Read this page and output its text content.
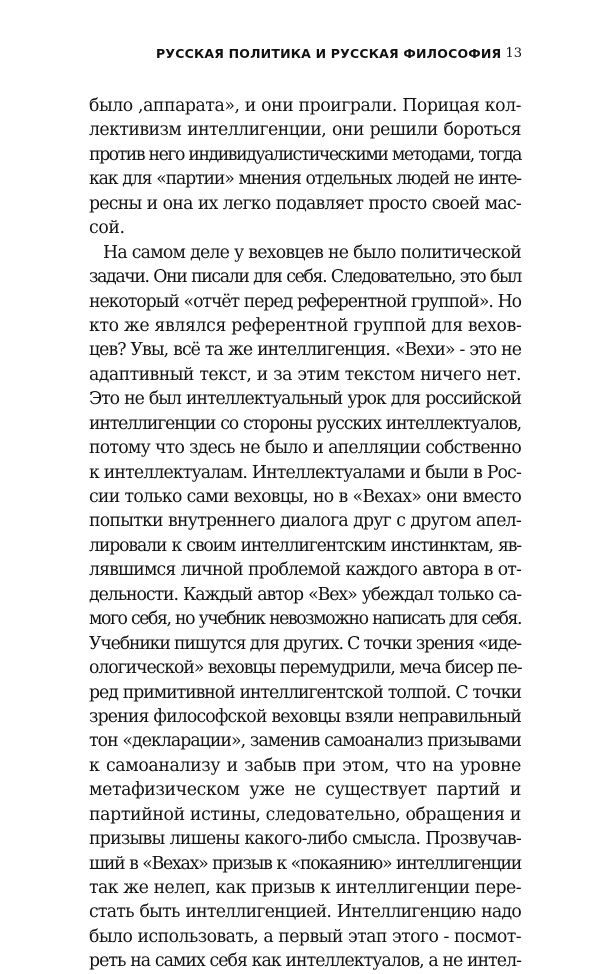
РУССКАЯ ПОЛИТИКА И РУССКАЯ ФИЛОСОФИЯ 13
было ,аппарата», и они проиграли. Порицая кол-
лективизм интеллигенции, они решили бороться
против него индивидуалистическими методами, тогда
как для «партии» мнения отдельных людей не инте-
ресны и она их легко подавляет просто своей мас-
сой.
На самом деле у веховцев не было политической
задачи. Они писали для себя. Следовательно, это был
некоторый «отчёт перед референтной группой». Но
кто же являлся референтной группой для вехов-
цев? Увы, всё та же интеллигенция. «Вехи» - это не
адаптивный текст, и за этим текстом ничего нет.
Это не был интеллектуальный урок для российской
интеллигенции со стороны русских интеллектуалов,
потому что здесь не было и апелляции собственно
к интеллектуалам. Интеллектуалами и были в Рос-
сии только сами веховцы, но в «Вехах» они вместо
попытки внутреннего диалога друг с другом апел-
лировали к своим интеллигентским инстинктам, яв-
лявшимся личной проблемой каждого автора в от-
дельности. Каждый автор «Вех» убеждал только са-
мого себя, но учебник невозможно написать для себя.
Учебники пишутся для других. С точки зрения «иде-
ологической» веховцы перемудрили, меча бисер пе-
ред примитивной интеллигентской толпой. С точки
зрения философской веховцы взяли неправильный
тон «декларации», заменив самоанализ призывами
к самоанализу и забыв при этом, что на уровне
метафизическом уже не существует партий и
партийной истины, следовательно, обращения и
призывы лишены какого-либо смысла. Прозвучав-
ший в «Вехах» призыв к «покаянию» интеллигенции
так же нелеп, как призыв к интеллигенции пере-
стать быть интеллигенцией. Интеллигенцию надо
было использовать, а первый этап этого - посмот-
реть на самих себя как интеллектуалов, а не интел-
